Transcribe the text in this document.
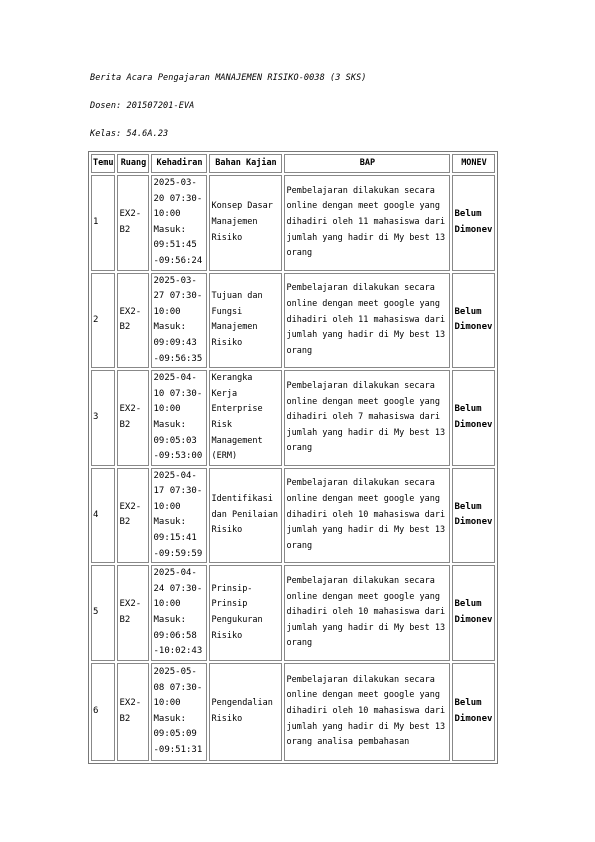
Berita Acara Pengajaran MANAJEMEN RISIKO-0038 (3 SKS)
Dosen: 201507201-EVA
Kelas: 54.6A.23
Temu	Ruang	Kehadiran	Bahan Kajian	BAP	MONEV
1	EX2-B2	2025-03-20 07:30-10:00 Masuk: 09:51:45 -09:56:24	Konsep Dasar Manajemen Risiko	Pembelajaran dilakukan secara online dengan meet google yang dihadiri oleh 11 mahasiswa dari jumlah yang hadir di My best 13 orang	Belum Dimonev
2	EX2-B2	2025-03-27 07:30-10:00 Masuk: 09:09:43 -09:56:35	Tujuan dan Fungsi Manajemen Risiko	Pembelajaran dilakukan secara online dengan meet google yang dihadiri oleh 11 mahasiswa dari jumlah yang hadir di My best 13 orang	Belum Dimonev
3	EX2-B2	2025-04-10 07:30-10:00 Masuk: 09:05:03 -09:53:00	Kerangka Kerja Enterprise Risk Management (ERM)	Pembelajaran dilakukan secara online dengan meet google yang dihadiri oleh 7 mahasiswa dari jumlah yang hadir di My best 13 orang	Belum Dimonev
4	EX2-B2	2025-04-17 07:30-10:00 Masuk: 09:15:41 -09:59:59	Identifikasi dan Penilaian Risiko	Pembelajaran dilakukan secara online dengan meet google yang dihadiri oleh 10 mahasiswa dari jumlah yang hadir di My best 13 orang	Belum Dimonev
5	EX2-B2	2025-04-24 07:30-10:00 Masuk: 09:06:58 -10:02:43	Prinsip-Prinsip Pengukuran Risiko	Pembelajaran dilakukan secara online dengan meet google yang dihadiri oleh 10 mahasiswa dari jumlah yang hadir di My best 13 orang	Belum Dimonev
6	EX2-B2	2025-05-08 07:30-10:00 Masuk: 09:05:09 -09:51:31	Pengendalian Risiko	Pembelajaran dilakukan secara online dengan meet google yang dihadiri oleh 10 mahasiswa dari jumlah yang hadir di My best 13 orang analisa pembahasan	Belum Dimonev
